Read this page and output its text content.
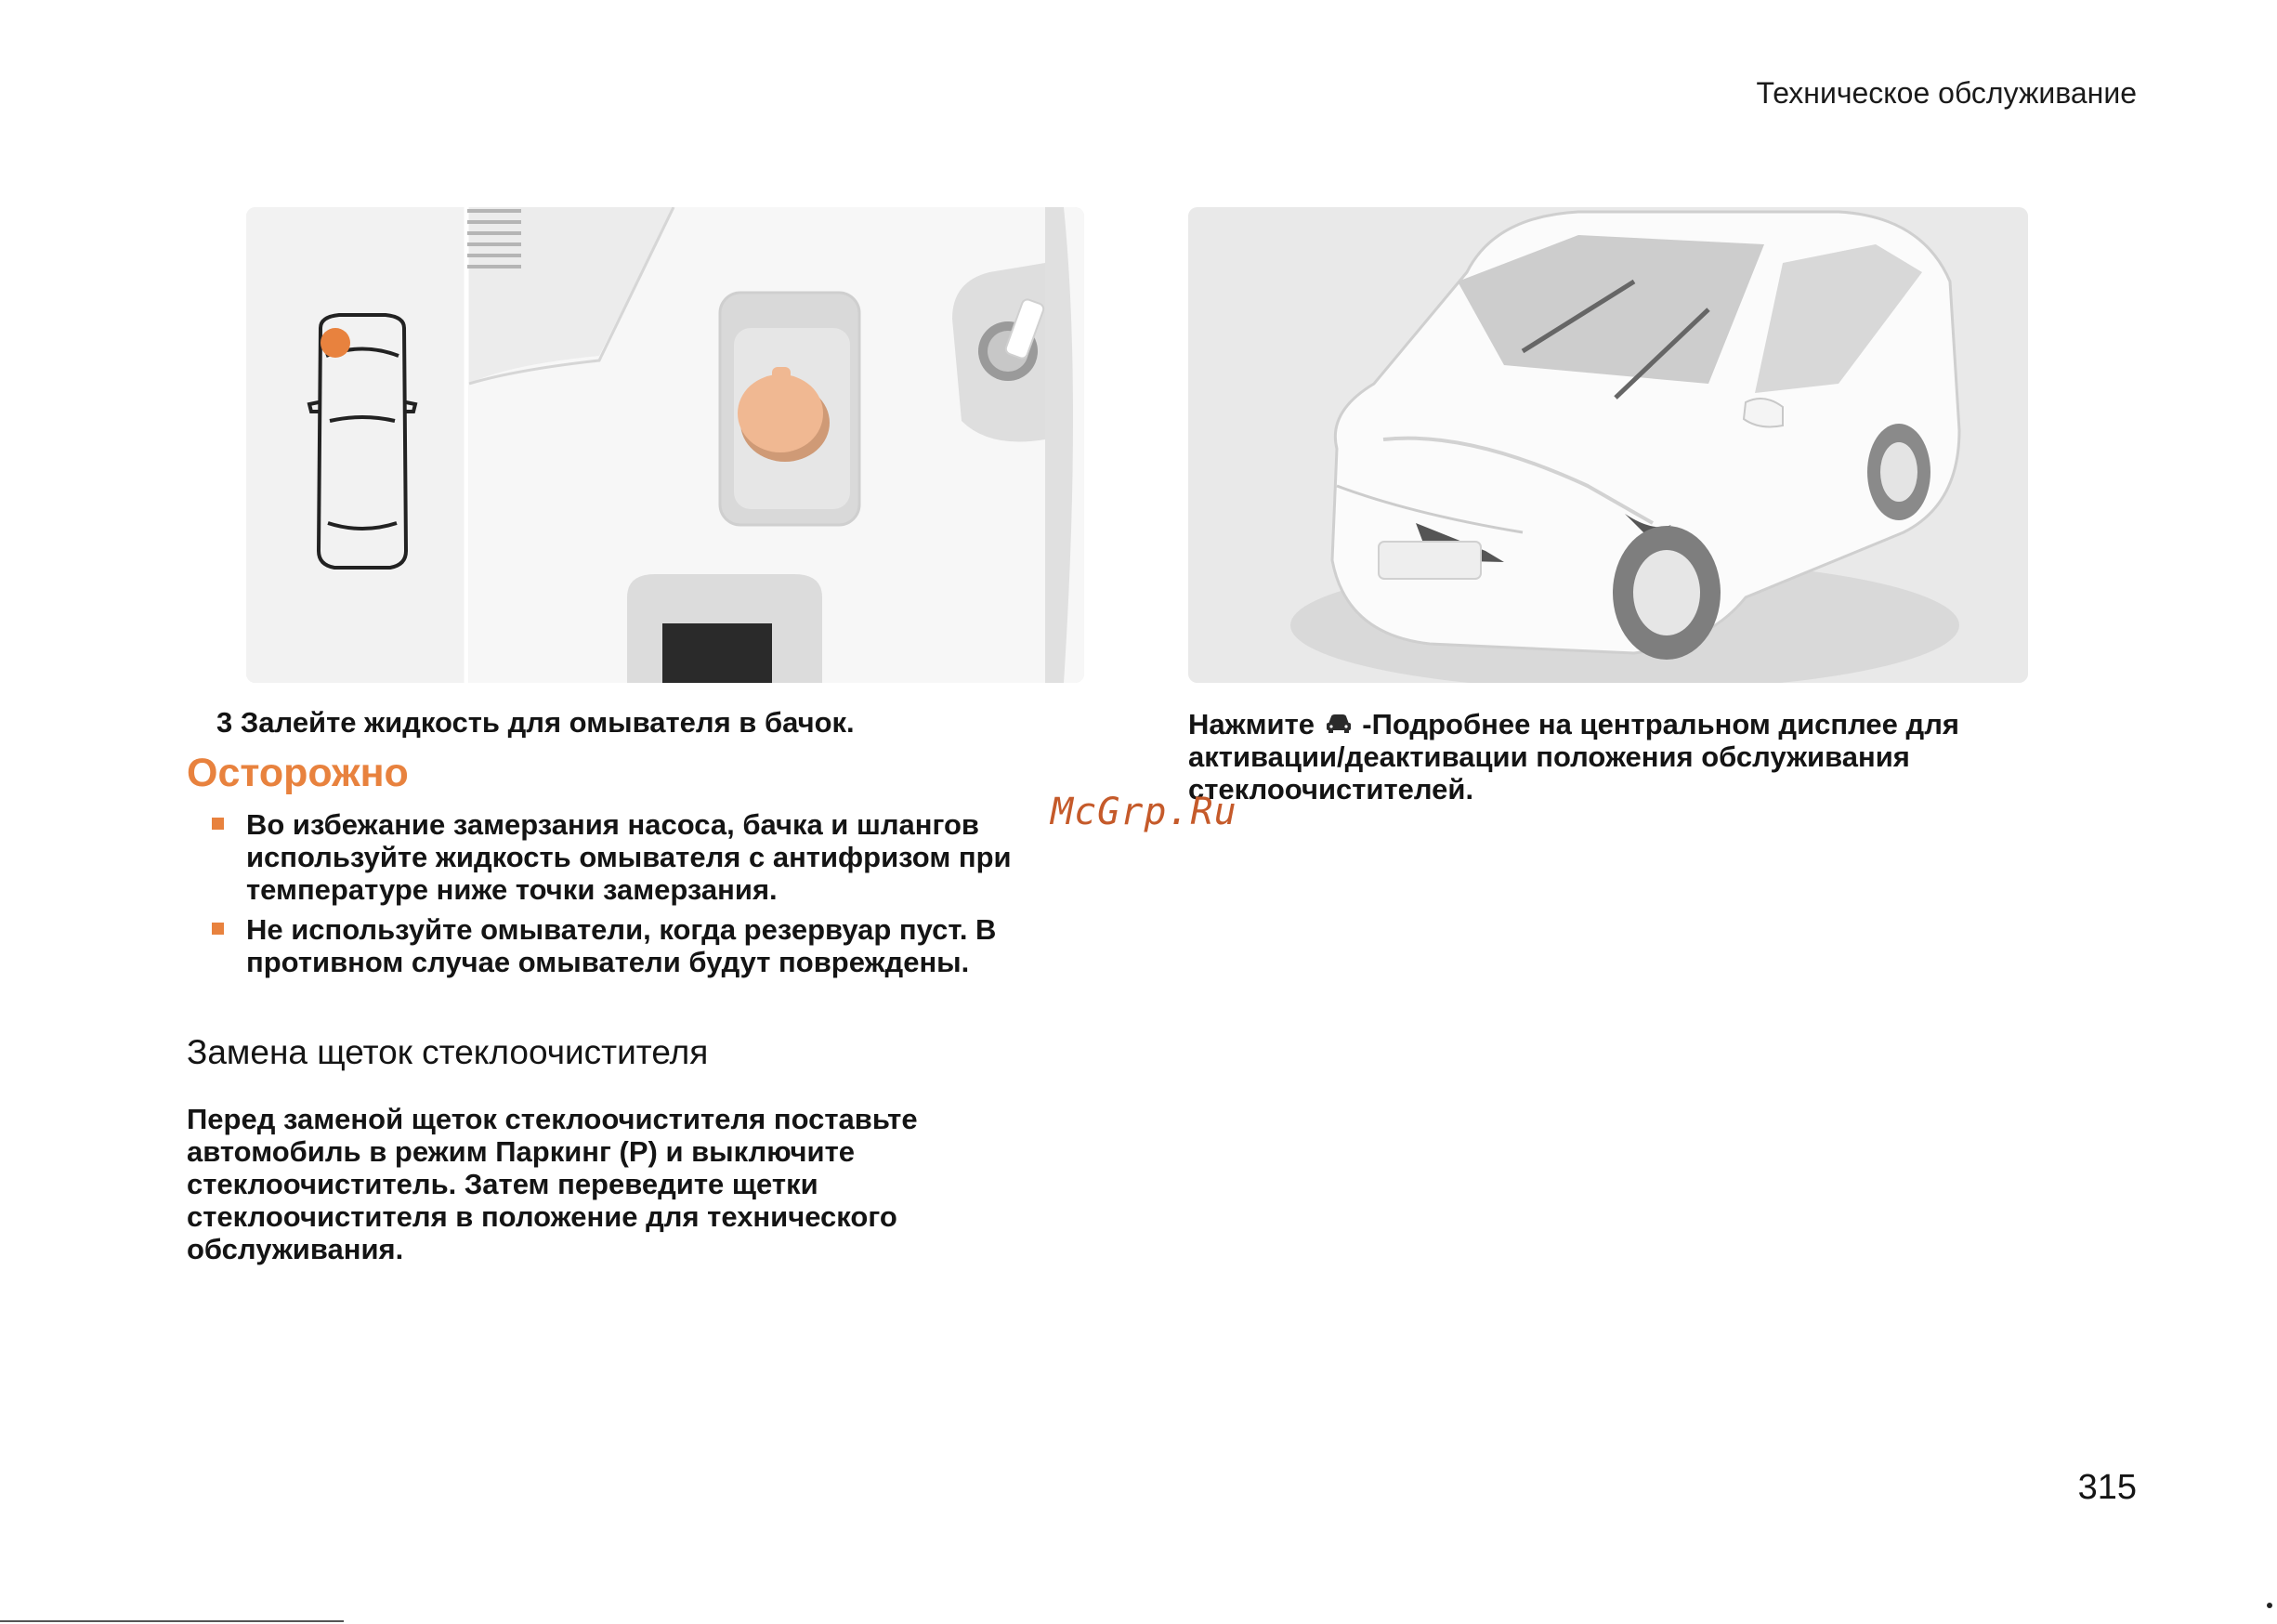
Техническое обслуживание
3 Залейте жидкость для омывателя в бачок.
Осторожно
Во избежание замерзания насоса, бачка и шлангов используйте жидкость омывателя с антифризом при температуре ниже точки замерзания.
Не используйте омыватели, когда резервуар пуст. В противном случае омыватели будут повреждены.
Замена щеток стеклоочистителя
Перед заменой щеток стеклоочистителя поставьте автомобиль в режим Паркинг (P) и выключите стеклоочиститель. Затем переведите щетки стеклоочистителя в положение для технического обслуживания.
Нажмите -Подробнее на центральном дисплее для активации/деактивации положения обслуживания стеклоочистителей.
McGrp.Ru
315
